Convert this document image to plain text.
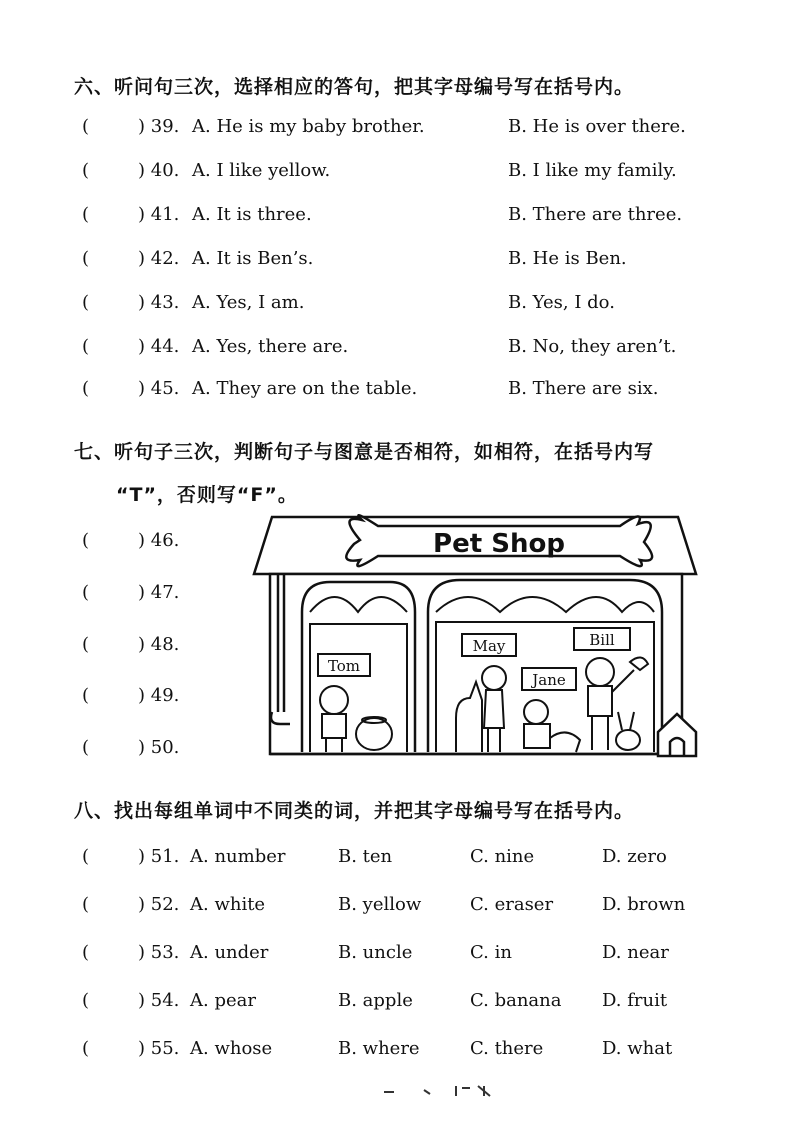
六、听问句三次，选择相应的答句，把其字母编号写在括号内。
(	) 39. A. He is my baby brother.	B. He is over there.
(	) 40. A. I like yellow.	B. I like my family.
(	) 41. A. It is three.	B. There are three.
(	) 42. A. It is Ben’s.	B. He is Ben.
(	) 43. A. Yes, I am.	B. Yes, I do.
(	) 44. A. Yes, there are.	B. No, they aren’t.
(	) 45. A. They are on the table.	B. There are six.
七、听句子三次，判断句子与图意是否相符，如相符，在括号内写
“T”，否则写“F”。
(	) 46.
(	) 47.
(	) 48.
(	) 49.
(	) 50.
Pet Shop
Tom
May
Jane
Bill
八、找出每组单词中不同类的词，并把其字母编号写在括号内。
(	) 51. A. number	B. ten	C. nine	D. zero
(	) 52. A. white	B. yellow	C. eraser	D. brown
(	) 53. A. under	B. uncle	C. in	D. near
(	) 54. A. pear	B. apple	C. banana D. fruit
(	) 55. A. whose	B. where	C. there	D. what
